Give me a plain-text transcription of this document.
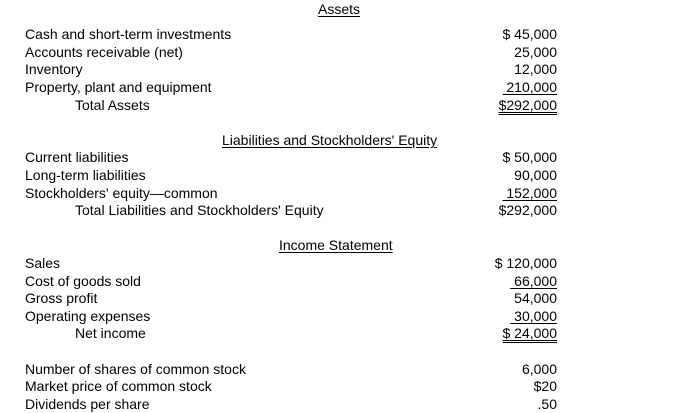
Assets
Cash and short-term investments	$ 45,000
Accounts receivable (net)	25,000
Inventory	12,000
Property, plant and equipment	210,000
Total Assets	$292,000
Liabilities and Stockholders' Equity
Current liabilities	$ 50,000
Long-term liabilities	90,000
Stockholders' equity—common	152,000
Total Liabilities and Stockholders' Equity	$292,000
Income Statement
Sales	$ 120,000
Cost of goods sold	66,000
Gross profit	54,000
Operating expenses	30,000
Net income	$ 24,000
Number of shares of common stock	6,000
Market price of common stock	$20
Dividends per share	.50
